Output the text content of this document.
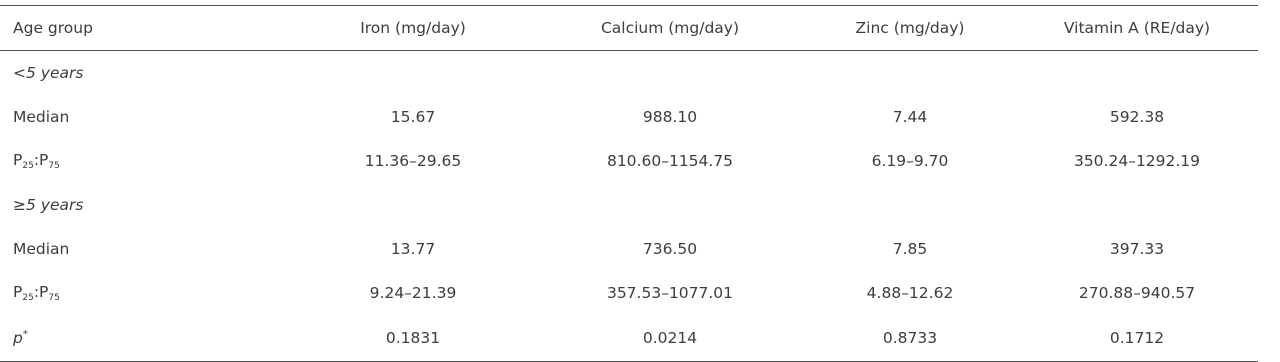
Age group	Iron (mg/day)	Calcium (mg/day)	Zinc (mg/day)	Vitamin A (RE/day)
<5 years				
Median	15.67	988.10	7.44	592.38
$P_{25}:P_{75}$	11.36–29.65	810.60–1154.75	6.19–9.70	350.24–1292.19
≥5 years				
Median	13.77	736.50	7.85	397.33
$P_{25}:P_{75}$	9.24–21.39	357.53–1077.01	4.88–12.62	270.88–940.57
p*	0.1831	0.0214	0.8733	0.1712
